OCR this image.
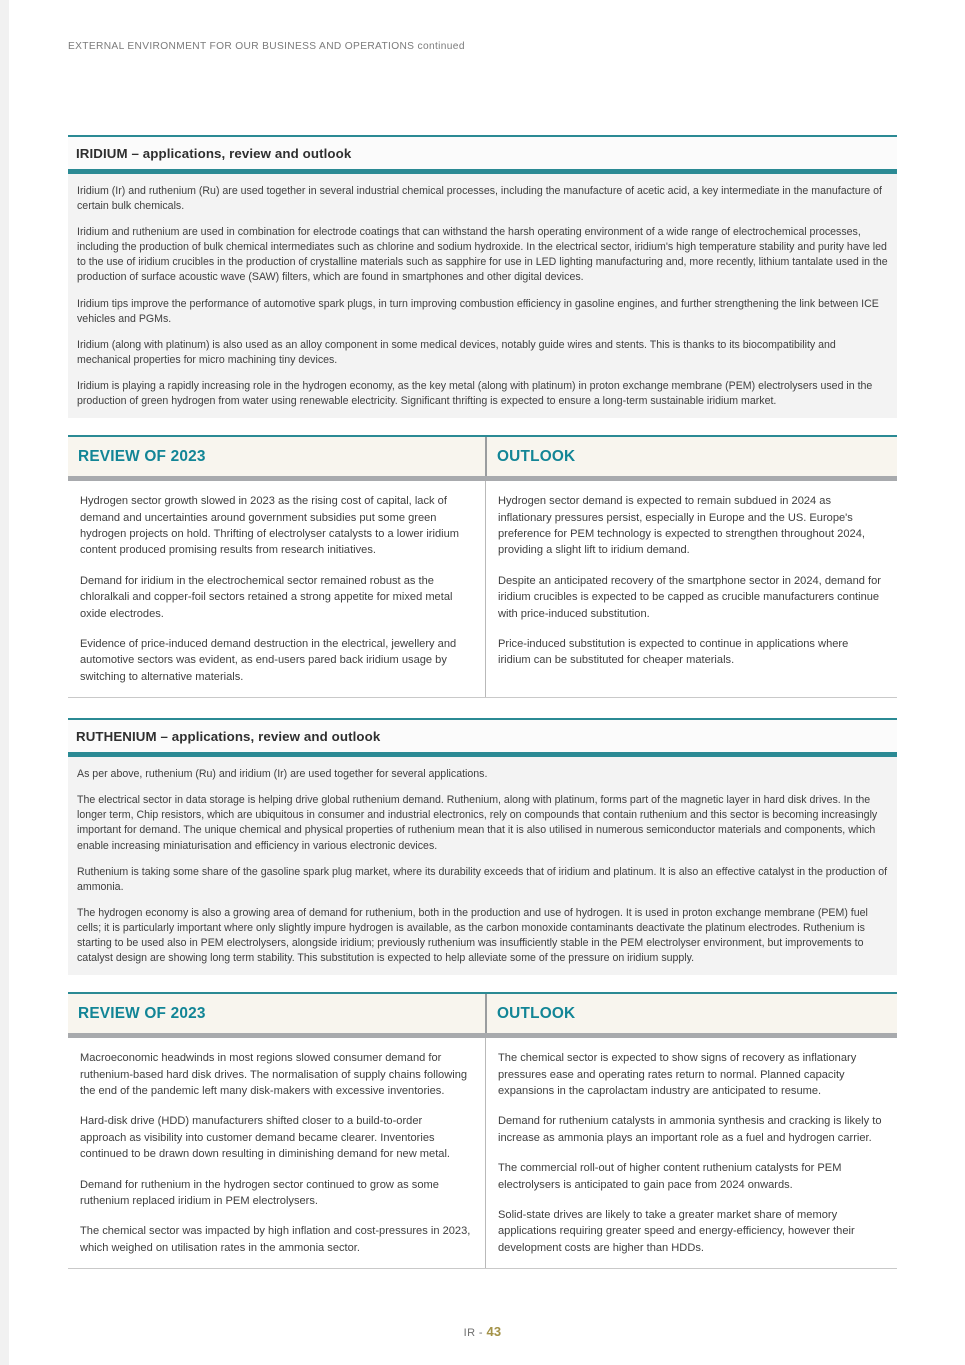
EXTERNAL ENVIRONMENT FOR OUR BUSINESS AND OPERATIONS continued
IRIDIUM – applications, review and outlook

Iridium (Ir) and ruthenium (Ru) are used together in several industrial chemical processes, including the manufacture of acetic acid, a key intermediate in the manufacture of certain bulk chemicals.

Iridium and ruthenium are used in combination for electrode coatings that can withstand the harsh operating environment of a wide range of electrochemical processes, including the production of bulk chemical intermediates such as chlorine and sodium hydroxide. In the electrical sector, iridium's high temperature stability and purity have led to the use of iridium crucibles in the production of crystalline materials such as sapphire for use in LED lighting manufacturing and, more recently, lithium tantalate used in the production of surface acoustic wave (SAW) filters, which are found in smartphones and other digital devices.

Iridium tips improve the performance of automotive spark plugs, in turn improving combustion efficiency in gasoline engines, and further strengthening the link between ICE vehicles and PGMs.

Iridium (along with platinum) is also used as an alloy component in some medical devices, notably guide wires and stents. This is thanks to its biocompatibility and mechanical properties for micro machining tiny devices.

Iridium is playing a rapidly increasing role in the hydrogen economy, as the key metal (along with platinum) in proton exchange membrane (PEM) electrolysers used in the production of green hydrogen from water using renewable electricity. Significant thrifting is expected to ensure a long-term sustainable iridium market.

REVIEW OF 2023	OUTLOOK

Hydrogen sector growth slowed in 2023 as the rising cost of capital, lack of demand and uncertainties around government subsidies put some green hydrogen projects on hold. Thrifting of electrolyser catalysts to a lower iridium content produced promising results from research initiatives.

Demand for iridium in the electrochemical sector remained robust as the chloralkali and copper-foil sectors retained a strong appetite for mixed metal oxide electrodes.

Evidence of price-induced demand destruction in the electrical, jewellery and automotive sectors was evident, as end-users pared back iridium usage by switching to alternative materials.

Hydrogen sector demand is expected to remain subdued in 2024 as inflationary pressures persist, especially in Europe and the US. Europe's preference for PEM technology is expected to strengthen throughout 2024, providing a slight lift to iridium demand.

Despite an anticipated recovery of the smartphone sector in 2024, demand for iridium crucibles is expected to be capped as crucible manufacturers continue with price-induced substitution.

Price-induced substitution is expected to continue in applications where iridium can be substituted for cheaper materials.

RUTHENIUM – applications, review and outlook

As per above, ruthenium (Ru) and iridium (Ir) are used together for several applications.

The electrical sector in data storage is helping drive global ruthenium demand. Ruthenium, along with platinum, forms part of the magnetic layer in hard disk drives. In the longer term, Chip resistors, which are ubiquitous in consumer and industrial electronics, rely on compounds that contain ruthenium and this sector is becoming increasingly important for demand. The unique chemical and physical properties of ruthenium mean that it is also utilised in numerous semiconductor materials and components, which enable increasing miniaturisation and efficiency in various electronic devices.

Ruthenium is taking some share of the gasoline spark plug market, where its durability exceeds that of iridium and platinum. It is also an effective catalyst in the production of ammonia.

The hydrogen economy is also a growing area of demand for ruthenium, both in the production and use of hydrogen. It is used in proton exchange membrane (PEM) fuel cells; it is particularly important where only slightly impure hydrogen is available, as the carbon monoxide contaminants deactivate the platinum electrodes. Ruthenium is starting to be used also in PEM electrolysers, alongside iridium; previously ruthenium was insufficiently stable in the PEM electrolyser environment, but improvements to catalyst design are showing long term stability. This substitution is expected to help alleviate some of the pressure on iridium supply.

REVIEW OF 2023	OUTLOOK

Macroeconomic headwinds in most regions slowed consumer demand for ruthenium-based hard disk drives. The normalisation of supply chains following the end of the pandemic left many disk-makers with excessive inventories.

Hard-disk drive (HDD) manufacturers shifted closer to a build-to-order approach as visibility into customer demand became clearer. Inventories continued to be drawn down resulting in diminishing demand for new metal.

Demand for ruthenium in the hydrogen sector continued to grow as some ruthenium replaced iridium in PEM electrolysers.

The chemical sector was impacted by high inflation and cost-pressures in 2023, which weighed on utilisation rates in the ammonia sector.

The chemical sector is expected to show signs of recovery as inflationary pressures ease and operating rates return to normal. Planned capacity expansions in the caprolactam industry are anticipated to resume.

Demand for ruthenium catalysts in ammonia synthesis and cracking is likely to increase as ammonia plays an important role as a fuel and hydrogen carrier.

The commercial roll-out of higher content ruthenium catalysts for PEM electrolysers is anticipated to gain pace from 2024 onwards.

Solid-state drives are likely to take a greater market share of memory applications requiring greater speed and energy-efficiency, however their development costs are higher than HDDs.

IR - 43
